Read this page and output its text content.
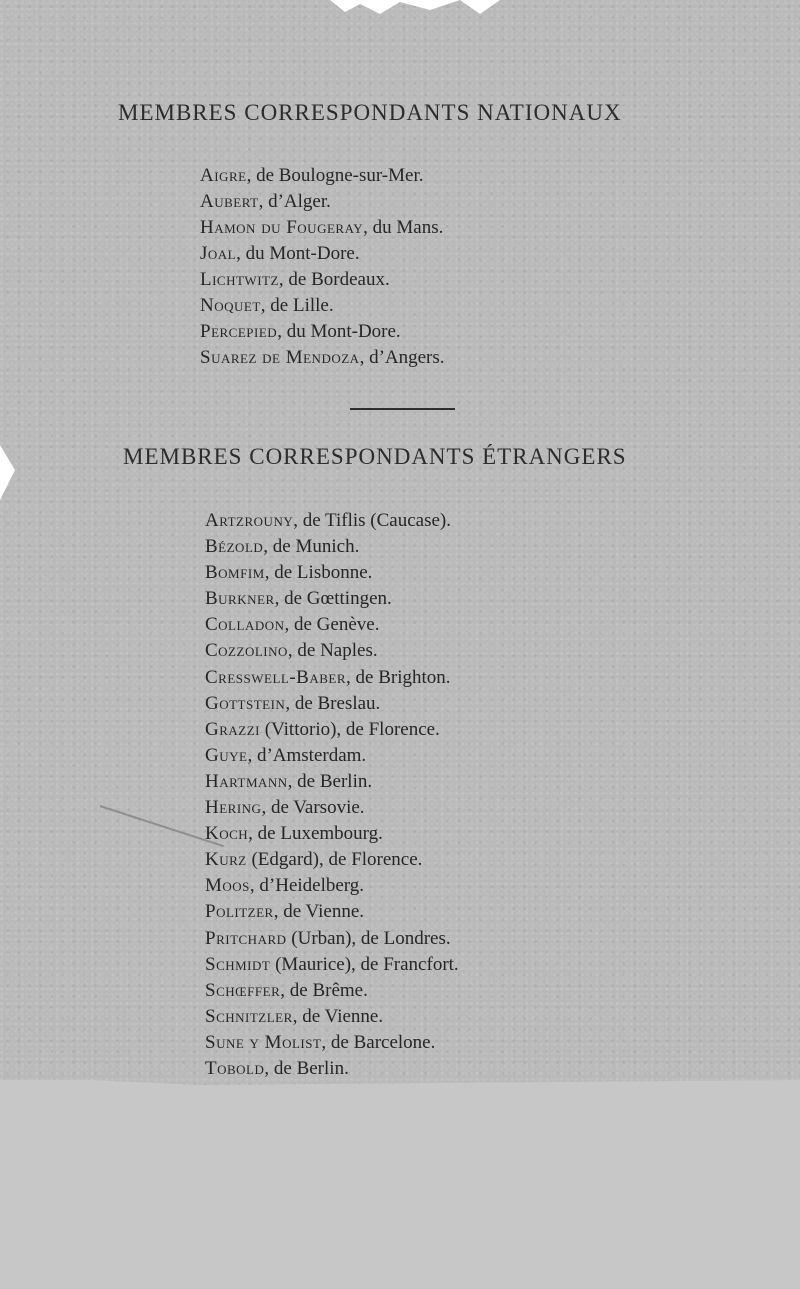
MEMBRES CORRESPONDANTS NATIONAUX
Aigre, de Boulogne-sur-Mer.
Aubert, d’Alger.
Hamon du Fougeray, du Mans.
Joal, du Mont-Dore.
Lichtwitz, de Bordeaux.
Noquet, de Lille.
Percepied, du Mont-Dore.
Suarez de Mendoza, d’Angers.
MEMBRES CORRESPONDANTS ÉTRANGERS
Artzrouny, de Tiflis (Caucase).
Bézold, de Munich.
Bomfim, de Lisbonne.
Burkner, de Gœttingen.
Colladon, de Genève.
Cozzolino, de Naples.
Cresswell-Baber, de Brighton.
Gottstein, de Breslau.
Grazzi (Vittorio), de Florence.
Guye, d’Amsterdam.
Hartmann, de Berlin.
Hering, de Varsovie.
Koch, de Luxembourg.
Kurz (Edgard), de Florence.
Moos, d’Heidelberg.
Politzer, de Vienne.
Pritchard (Urban), de Londres.
Schmidt (Maurice), de Francfort.
Schœffer, de Brême.
Schnitzler, de Vienne.
Sune y Molist, de Barcelone.
Tobold, de Berlin.
